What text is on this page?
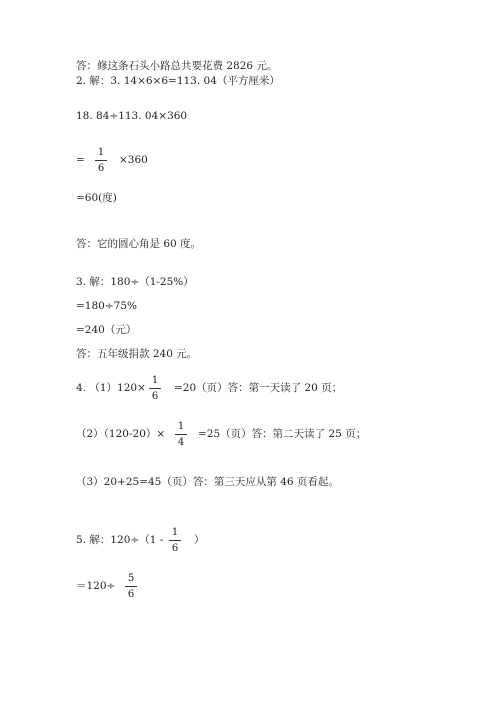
答：修这条石头小路总共要花费 2826 元。
2. 解：3. 14×6×6=113. 04（平方厘米）
18. 84÷113. 04×360
=
1
6
×360
=60(度)
答：它的圆心角是 60 度。
3. 解：180÷（1-25%）
=180÷75%
=240（元）
答：五年级捐款 240 元。
4. （1）120×
1
6
=20（页）答：第一天读了 20 页；
（2）（120-20）×
1
4
=25（页）答：第二天读了 25 页；
（3）20+25=45（页）答：第三天应从第 46 页看起。
5. 解：120÷（1 -
1
6
）
＝120÷
5
6
